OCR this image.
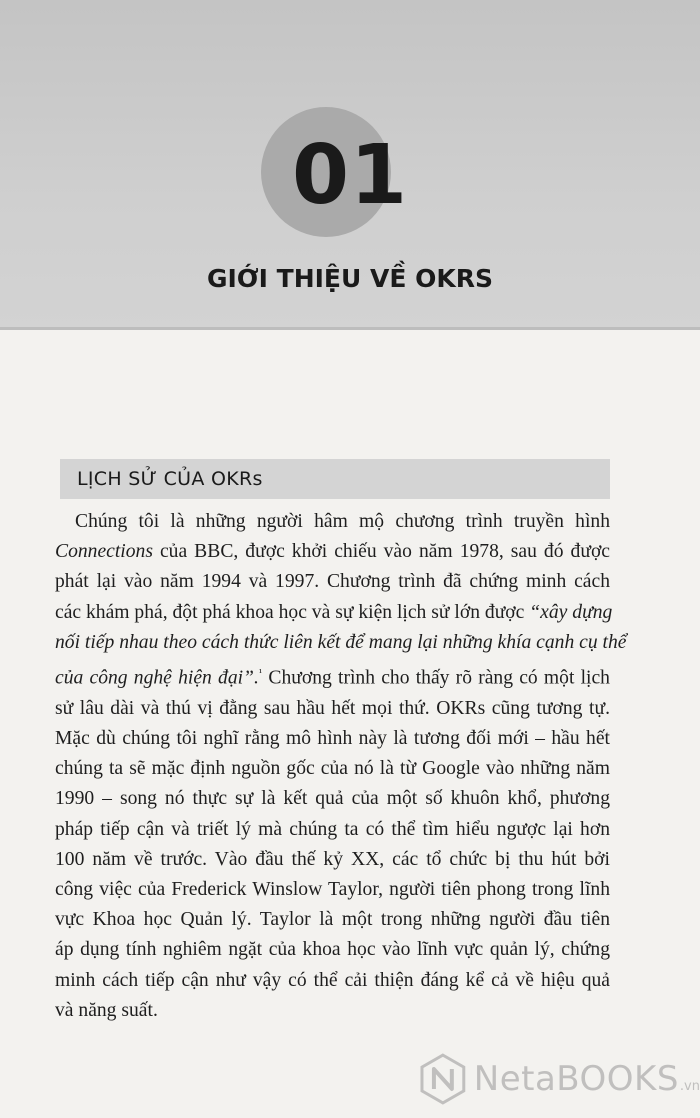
01
GIỚI THIỆU VỀ OKRS
LỊCH SỬ CỦA OKRs
Chúng tôi là những người hâm mộ chương trình truyền hình
Connections của BBC, được khởi chiếu vào năm 1978, sau đó được
phát lại vào năm 1994 và 1997. Chương trình đã chứng minh cách
các khám phá, đột phá khoa học và sự kiện lịch sử lớn được “xây dựng
nối tiếp nhau theo cách thức liên kết để mang lại những khía cạnh cụ thể
của công nghệ hiện đại”.$^{^1}$ Chương trình cho thấy rõ ràng có một lịch
sử lâu dài và thú vị đằng sau hầu hết mọi thứ. OKRs cũng tương tự.
Mặc dù chúng tôi nghĩ rằng mô hình này là tương đối mới – hầu hết
chúng ta sẽ mặc định nguồn gốc của nó là từ Google vào những năm
1990 – song nó thực sự là kết quả của một số khuôn khổ, phương
pháp tiếp cận và triết lý mà chúng ta có thể tìm hiểu ngược lại hơn
100 năm về trước. Vào đầu thế kỷ XX, các tổ chức bị thu hút bởi
công việc của Frederick Winslow Taylor, người tiên phong trong lĩnh
vực Khoa học Quản lý. Taylor là một trong những người đầu tiên
áp dụng tính nghiêm ngặt của khoa học vào lĩnh vực quản lý, chứng
minh cách tiếp cận như vậy có thể cải thiện đáng kể cả về hiệu quả
và năng suất.
NetaBOOKS .vn
